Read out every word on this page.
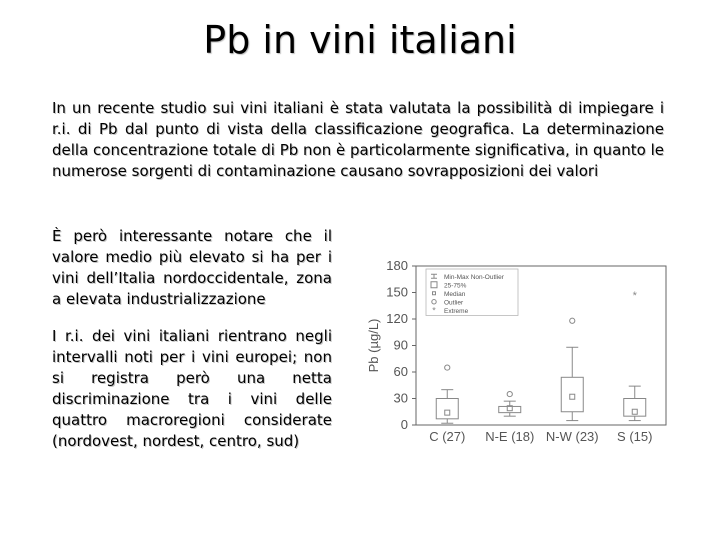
Pb in vini italiani
In un recente studio sui vini italiani è stata valutata la possibilità di impiegare i r.i. di Pb dal punto di vista della classificazione geografica. La determinazione della concentrazione totale di Pb non è particolarmente significativa, in quanto le numerose sorgenti di contaminazione causano sovrapposizioni dei valori
È però interessante notare che il valore medio più elevato si ha per i vini dell’Italia nordoccidentale, zona a elevata industrializzazione
I r.i. dei vini italiani rientrano negli intervalli noti per i vini europei; non si registra però una netta discriminazione tra i vini delle quattro macroregioni considerate (nordovest, nordest, centro, sud)
0
30
60
90
120
150
180
Pb (µg/L)
C (27) N-E (18) N-W (23)
*
S (15)
Min-Max Non-Outlier
25-75%
Median
Outlier
* Extreme
